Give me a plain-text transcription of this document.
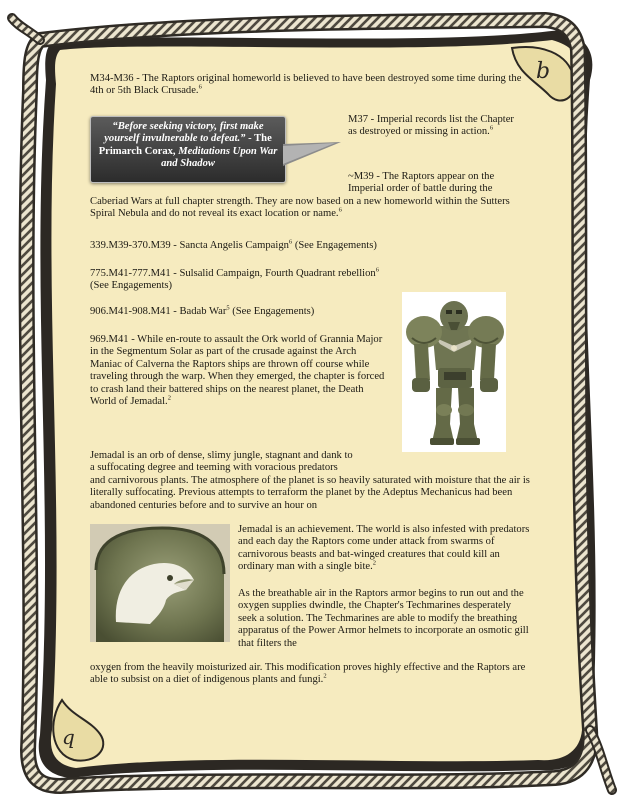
b
q

M34-M36 - The Raptors original homeworld is believed to have been destroyed some time during the 4th or 5th Black Crusade.$^6$

“Before seeking victory, first make yourself invulnerable to defeat.” - The Primarch Corax, Meditations Upon War and Shadow

M37 - Imperial records list the Chapter as destroyed or missing in action.$^6$

~M39 - The Raptors appear on the Imperial order of battle during the

Caberiad Wars at full chapter strength. They are now based on a new homeworld within the Sutters Spiral Nebula and do not reveal its exact location or name.$^6$

339.M39-370.M39 - Sancta Angelis Campaign$^6$ (See Engagements)

775.M41-777.M41 - Sulsalid Campaign, Fourth Quadrant rebellion$^6$ (See Engagements)

906.M41-908.M41 - Badab War$^5$ (See Engagements)

969.M41 - While en-route to assault the Ork world of Grannia Major in the Segmentum Solar as part of the crusade against the Arch Maniac of Calverna the Raptors ships are thrown off course while traveling through the warp. When they emerged, the chapter is forced to crash land their battered ships on the nearest planet, the Death World of Jemadal.$^2$

Jemadal is an orb of dense, slimy jungle, stagnant and dank to
a suffocating degree and teeming with voracious predators
and carnivorous plants. The atmosphere of the planet is so heavily saturated with moisture that the air is literally suffocating. Previous attempts to terraform the planet by the Adeptus Mechanicus had been abandoned centuries before and to survive an hour on

Jemadal is an achievement. The world is also infested with predators and each day the Raptors come under attack from swarms of carnivorous beasts and bat-winged creatures that could kill an ordinary man with a single bite.$^2$

As the breathable air in the Raptors armor begins to run out and the oxygen supplies dwindle, the Chapter's Techmarines desperately seek a solution. The Techmarines are able to modify the breathing apparatus of the Power Armor helmets to incorporate an osmotic gill that filters the

oxygen from the heavily moisturized air. This modification proves highly effective and the Raptors are able to subsist on a diet of indigenous plants and fungi.$^2$
